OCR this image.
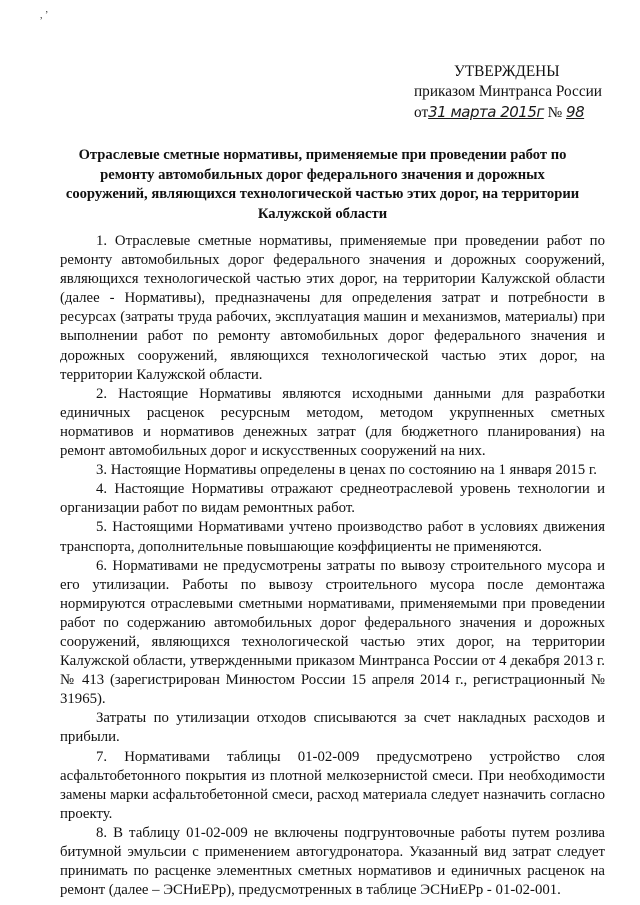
, ʼ
УТВЕРЖДЕНЫ
приказом Минтранса России
от31 марта 2015г № 98
Отраслевые сметные нормативы, применяемые при проведении работ по ремонту автомобильных дорог федерального значения и дорожных сооружений, являющихся технологической частью этих дорог, на территории Калужской области

1. Отраслевые сметные нормативы, применяемые при проведении работ по ремонту автомобильных дорог федерального значения и дорожных сооружений, являющихся технологической частью этих дорог, на территории Калужской области (далее - Нормативы), предназначены для определения затрат и потребности в ресурсах (затраты труда рабочих, эксплуатация машин и механизмов, материалы) при выполнении работ по ремонту автомобильных дорог федерального значения и дорожных сооружений, являющихся технологической частью этих дорог, на территории Калужской области.

2. Настоящие Нормативы являются исходными данными для разработки единичных расценок ресурсным методом, методом укрупненных сметных нормативов и нормативов денежных затрат (для бюджетного планирования) на ремонт автомобильных дорог и искусственных сооружений на них.

3. Настоящие Нормативы определены в ценах по состоянию на 1 января 2015 г.

4. Настоящие Нормативы отражают среднеотраслевой уровень технологии и организации работ по видам ремонтных работ.

5. Настоящими Нормативами учтено производство работ в условиях движения транспорта, дополнительные повышающие коэффициенты не применяются.

6. Нормативами не предусмотрены затраты по вывозу строительного мусора и его утилизации. Работы по вывозу строительного мусора после демонтажа нормируются отраслевыми сметными нормативами, применяемыми при проведении работ по содержанию автомобильных дорог федерального значения и дорожных сооружений, являющихся технологической частью этих дорог, на территории Калужской области, утвержденными приказом Минтранса России от 4 декабря 2013 г. № 413 (зарегистрирован Минюстом России 15 апреля 2014 г., регистрационный № 31965).

Затраты по утилизации отходов списываются за счет накладных расходов и прибыли.

7. Нормативами таблицы 01-02-009 предусмотрено устройство слоя асфальтобетонного покрытия из плотной мелкозернистой смеси. При необходимости замены марки асфальтобетонной смеси, расход материала следует назначить согласно проекту.

8. В таблицу 01-02-009 не включены подгрунтовочные работы путем розлива битумной эмульсии с применением автогудронатора. Указанный вид затрат следует принимать по расценке элементных сметных нормативов и единичных расценок на ремонт (далее – ЭСНиЕРр), предусмотренных в таблице ЭСНиЕРр - 01-02-001.
